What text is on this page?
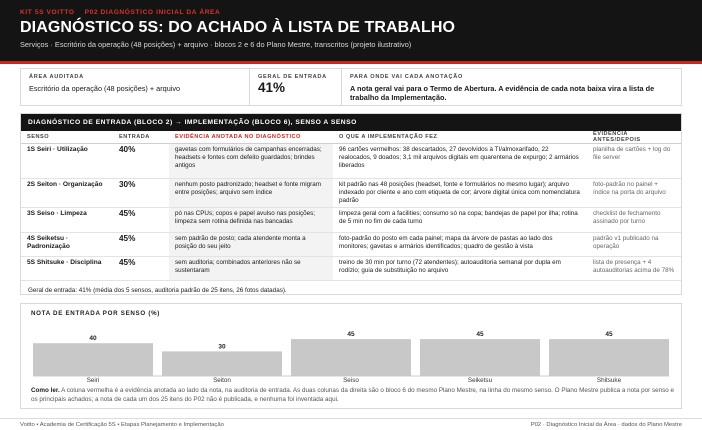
KIT 5S VOITTO P02 DIAGNÓSTICO INICIAL DA ÁREA
DIAGNÓSTICO 5S: DO ACHADO À LISTA DE TRABALHO
Serviços · Escritório da operação (48 posições) + arquivo · blocos 2 e 6 do Plano Mestre, transcritos (projeto ilustrativo)
ÁREA AUDITADA
Escritório da operação (48 posições) + arquivo
GERAL DE ENTRADA
41%
PARA ONDE VAI CADA ANOTAÇÃO
A nota geral vai para o Termo de Abertura. A evidência de cada nota baixa vira a lista de trabalho da Implementação.
DIAGNÓSTICO DE ENTRADA (BLOCO 2) → IMPLEMENTAÇÃO (BLOCO 6), SENSO A SENSO
SENSO	ENTRADA	EVIDÊNCIA ANOTADA NO DIAGNÓSTICO	O QUE A IMPLEMENTAÇÃO FEZ	EVIDÊNCIA ANTES/DEPOIS
1S Seiri · Utilização	40%	gavetas com formulários de campanhas encerradas; headsets e fontes com defeito guardados; brindes antigos	96 cartões vermelhos: 38 descartados, 27 devolvidos à TI/almoxarifado, 22 realocados, 9 doados; 3,1 mil arquivos digitais em quarentena de expurgo; 2 armários liberados	planilha de cartões + log do file server
2S Seiton · Organização	30%	nenhum posto padronizado; headset e fonte migram entre posições; arquivo sem índice	kit padrão nas 48 posições (headset, fonte e formulários no mesmo lugar); arquivo indexado por cliente e ano com etiqueta de cor; árvore digital única com nomenclatura padrão	foto-padrão no painel + índice na porta do arquivo
3S Seiso · Limpeza	45%	pó nas CPUs; copos e papel avulso nas posições; limpeza sem rotina definida nas bancadas	limpeza geral com a facilities; consumo só na copa; bandejas de papel por ilha; rotina de 5 min no fim de cada turno	checklist de fechamento assinado por turno
4S Seiketsu · Padronização	45%	sem padrão de posto; cada atendente monta a posição do seu jeito	foto-padrão do posto em cada painel; mapa da árvore de pastas ao lado dos monitores; gavetas e armários identificados; quadro de gestão à vista	padrão v1 publicado na operação
5S Shitsuke · Disciplina	45%	sem auditoria; combinados anteriores não se sustentaram	treino de 30 min por turno (72 atendentes); autoauditoria semanal por dupla em rodízio; guia de substituição no arquivo	lista de presença + 4 autoauditorias acima de 78%
Geral de entrada: 41% (média dos 5 sensos, auditoria padrão de 25 itens, 26 fotos datadas).
NOTA DE ENTRADA POR SENSO (%)
40
Seiri
30
Seiton
45
Seiso
45
Seiketsu
45
Shitsuke
Como ler. A coluna vermelha é a evidência anotada ao lado da nota, na auditoria de entrada. As duas colunas da direita são o bloco 6 do mesmo Plano Mestre, na linha do mesmo senso. O Plano Mestre publica a nota por senso e os principais achados; a nota de cada um dos 25 itens do P02 não é publicada, e nenhuma foi inventada aqui.
Voitto • Academia de Certificação 5S • Etapas Planejamento e Implementação	P02 · Diagnóstico Inicial da Área · dados do Plano Mestre
